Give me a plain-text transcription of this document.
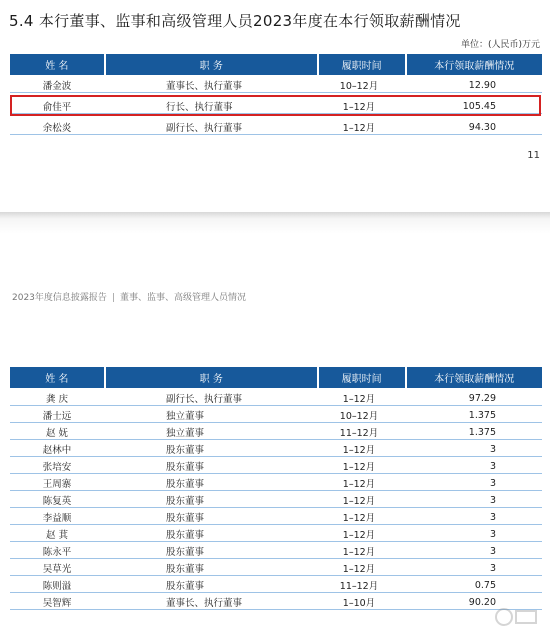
5.4 本行董事、监事和高级管理人员2023年度在本行领取薪酬情况
单位：(人民币)万元
姓 名	职 务	履职时间	本行领取薪酬情况
潘金波	董事长、执行董事	10–12月	12.90
俞佳平	行长、执行董事	1–12月	105.45
余松炎	副行长、执行董事	1–12月	94.30
11
2023年度信息披露报告 | 董事、监事、高级管理人员情况
姓 名	职 务	履职时间	本行领取薪酬情况
龚 庆	副行长、执行董事	1–12月	97.29
潘士远	独立董事	10–12月	1.375
赵 妩	独立董事	11–12月	1.375
赵林中	股东董事	1–12月	3
张培安	股东董事	1–12月	3
王周寨	股东董事	1–12月	3
陈复英	股东董事	1–12月	3
李益顺	股东董事	1–12月	3
赵 萁	股东董事	1–12月	3
陈永平	股东董事	1–12月	3
吴草光	股东董事	1–12月	3
陈则溢	股东董事	11–12月	0.75
吴智辉	董事长、执行董事	1–10月	90.20
